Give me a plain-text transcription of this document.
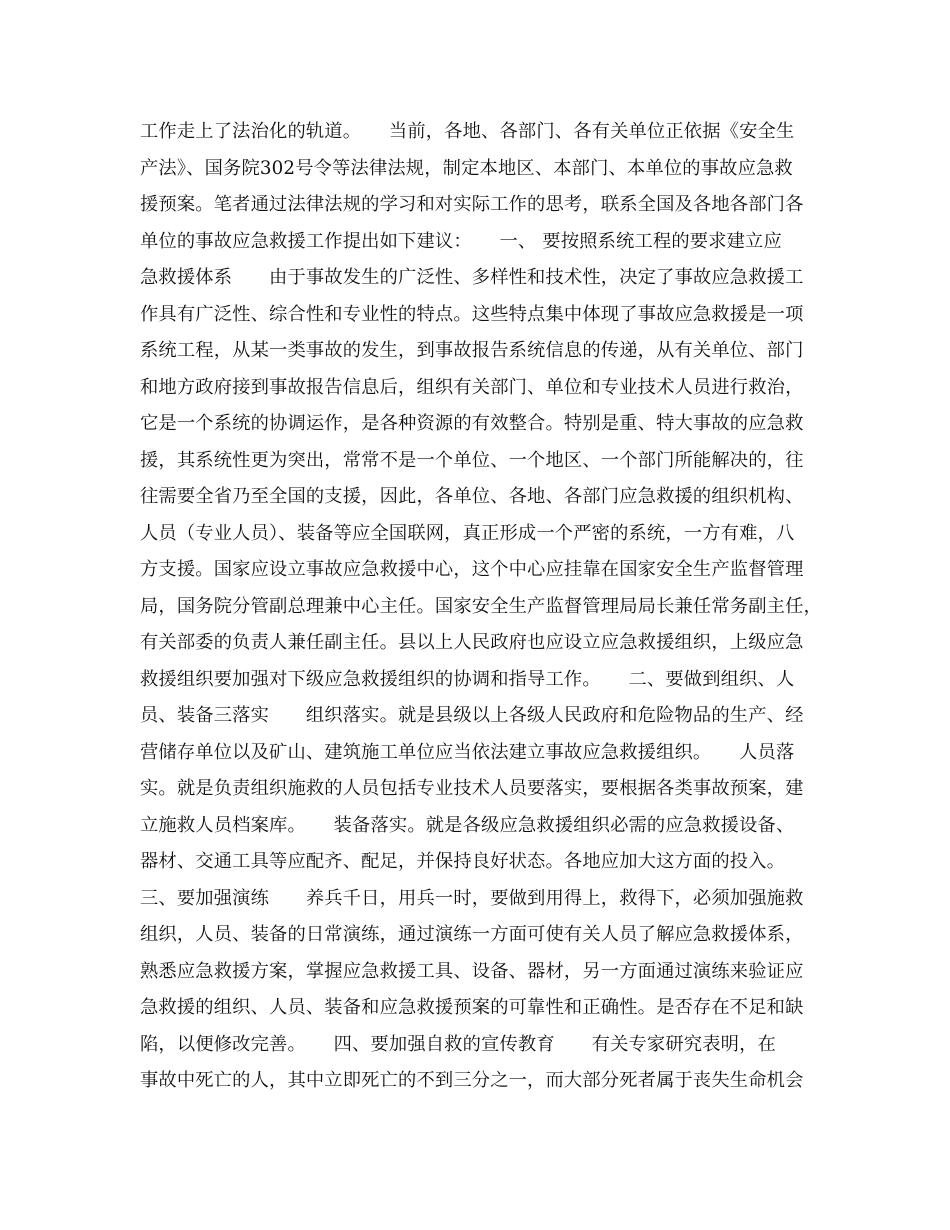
工作走上了法治化的轨道。　　当前，各地、各部门、各有关单位正依据《安全生
产法》、国务院302号令等法律法规，制定本地区、本部门、本单位的事故应急救
援预案。笔者通过法律法规的学习和对实际工作的思考，联系全国及各地各部门各
单位的事故应急救援工作提出如下建议：　　一、 要按照系统工程的要求建立应
急救援体系　　由于事故发生的广泛性、多样性和技术性，决定了事故应急救援工
作具有广泛性、综合性和专业性的特点。这些特点集中体现了事故应急救援是一项
系统工程，从某一类事故的发生，到事故报告系统信息的传递，从有关单位、部门
和地方政府接到事故报告信息后，组织有关部门、单位和专业技术人员进行救治，
它是一个系统的协调运作，是各种资源的有效整合。特别是重、特大事故的应急救
援，其系统性更为突出，常常不是一个单位、一个地区、一个部门所能解决的，往
往需要全省乃至全国的支援，因此，各单位、各地、各部门应急救援的组织机构、
人员（专业人员）、装备等应全国联网，真正形成一个严密的系统，一方有难，八
方支援。国家应设立事故应急救援中心，这个中心应挂靠在国家安全生产监督管理
局，国务院分管副总理兼中心主任。国家安全生产监督管理局局长兼任常务副主任，
有关部委的负责人兼任副主任。县以上人民政府也应设立应急救援组织，上级应急
救援组织要加强对下级应急救援组织的协调和指导工作。　　二、要做到组织、人
员、装备三落实　　组织落实。就是县级以上各级人民政府和危险物品的生产、经
营储存单位以及矿山、建筑施工单位应当依法建立事故应急救援组织。　　人员落
实。就是负责组织施救的人员包括专业技术人员要落实，要根据各类事故预案，建
立施救人员档案库。　　装备落实。就是各级应急救援组织必需的应急救援设备、
器材、交通工具等应配齐、配足，并保持良好状态。各地应加大这方面的投入。
三、要加强演练　　养兵千日，用兵一时，要做到用得上，救得下，必须加强施救
组织，人员、装备的日常演练，通过演练一方面可使有关人员了解应急救援体系，
熟悉应急救援方案，掌握应急救援工具、设备、器材，另一方面通过演练来验证应
急救援的组织、人员、装备和应急救援预案的可靠性和正确性。是否存在不足和缺
陷，以便修改完善。　　四、要加强自救的宣传教育　　有关专家研究表明，在
事故中死亡的人，其中立即死亡的不到三分之一，而大部分死者属于丧失生命机会
